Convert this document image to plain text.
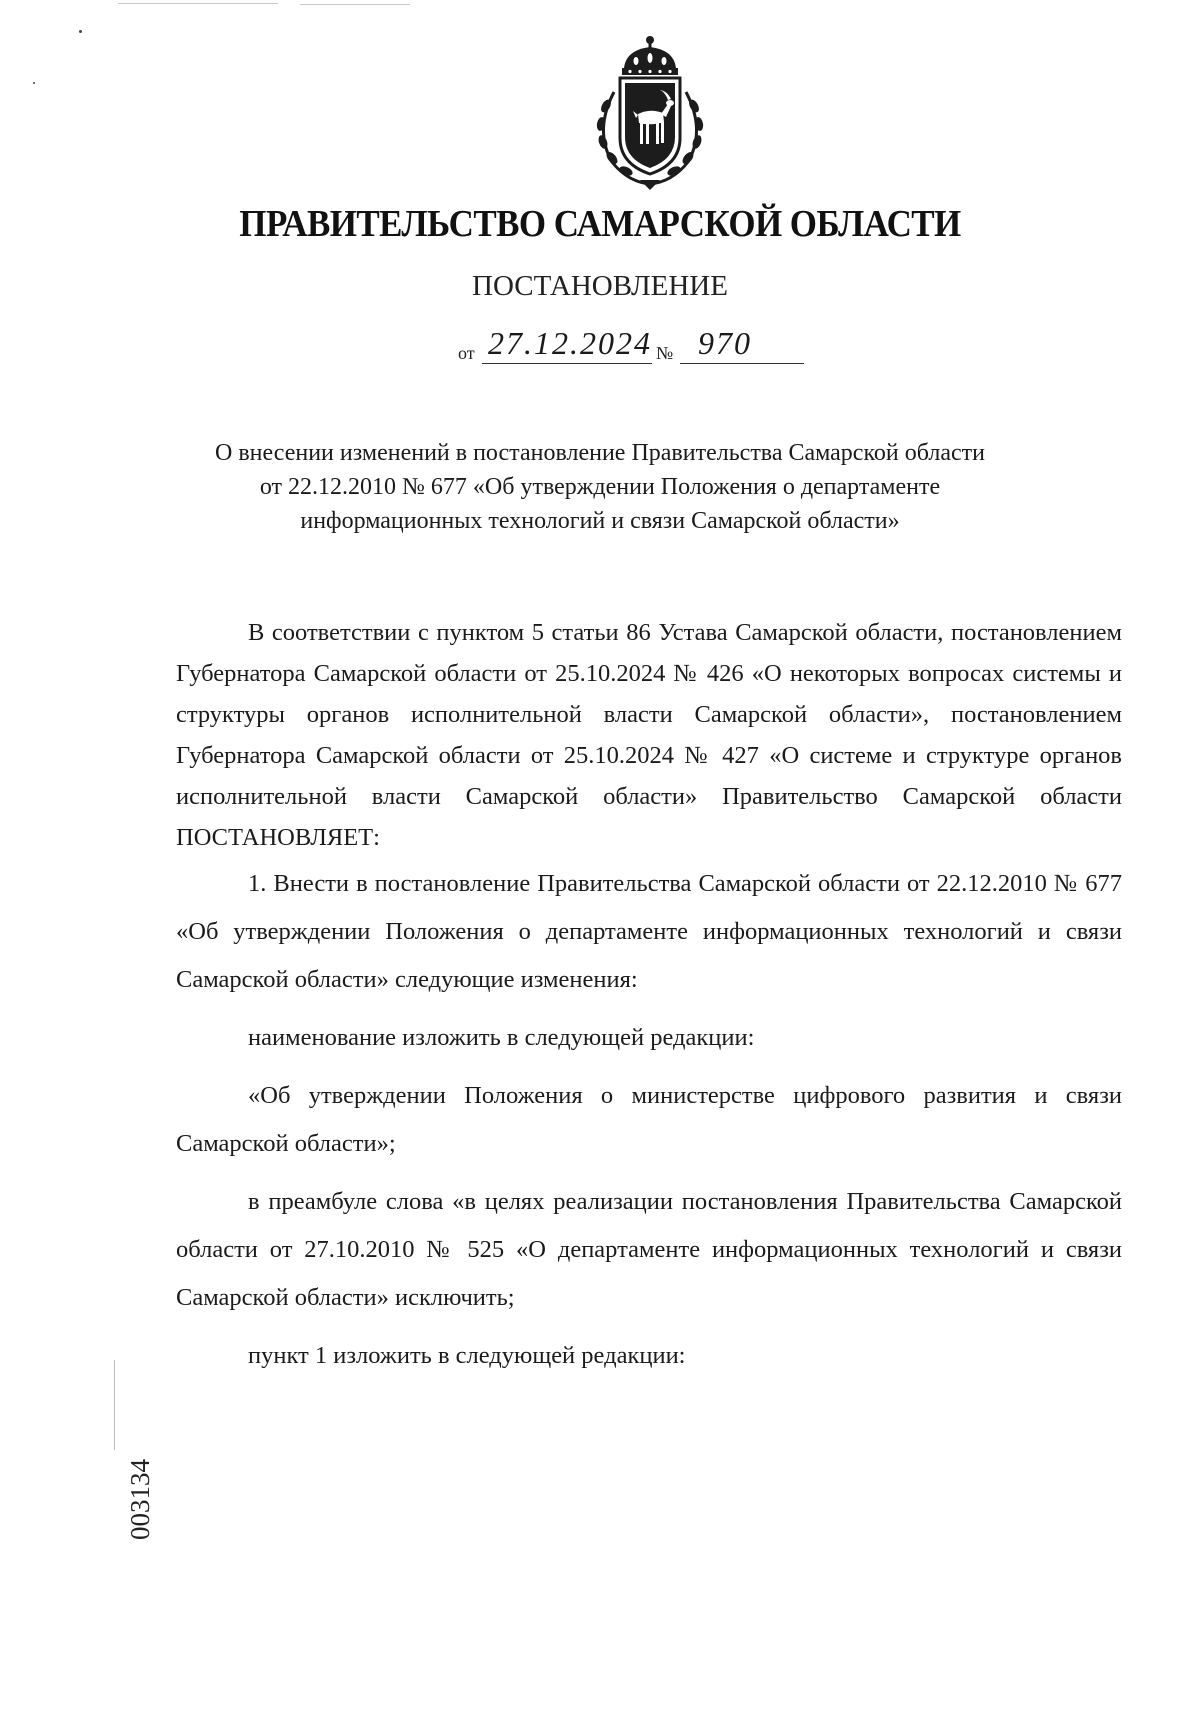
ПРАВИТЕЛЬСТВО САМАРСКОЙ ОБЛАСТИ
ПОСТАНОВЛЕНИЕ
от 27.12.2024 № 970
О внесении изменений в постановление Правительства Самарской области
от 22.12.2010 № 677 «Об утверждении Положения о департаменте
информационных технологий и связи Самарской области»

В соответствии с пунктом 5 статьи 86 Устава Самарской области, постановлением Губернатора Самарской области от 25.10.2024 № 426 «О некоторых вопросах системы и структуры органов исполнительной власти Самарской области», постановлением Губернатора Самарской области от 25.10.2024 № 427 «О системе и структуре органов исполнительной власти Самарской области» Правительство Самарской области ПОСТАНОВЛЯЕТ:

1. Внести в постановление Правительства Самарской области от 22.12.2010 № 677 «Об утверждении Положения о департаменте информационных технологий и связи Самарской области» следующие изменения:

наименование изложить в следующей редакции:

«Об утверждении Положения о министерстве цифрового развития и связи Самарской области»;

в преамбуле слова «в целях реализации постановления Правительства Самарской области от 27.10.2010 № 525 «О департаменте информационных технологий и связи Самарской области» исключить;

пункт 1 изложить в следующей редакции:

003134
